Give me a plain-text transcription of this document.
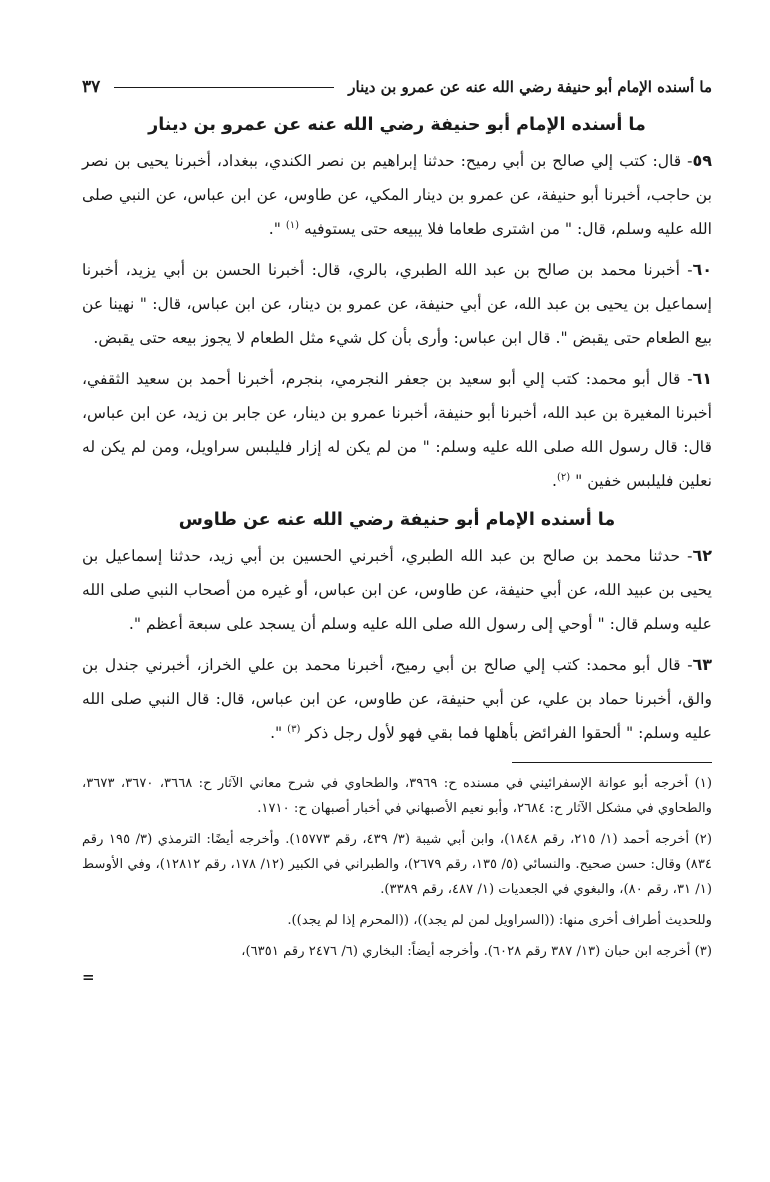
ما أسنده الإمام أبو حنيفة رضي الله عنه عن عمرو بن دينار
٣٧
ما أسنده الإمام أبو حنيفة رضي الله عنه عن عمرو بن دينار

٥٩- قال: كتب إلي صالح بن أبي رميح: حدثنا إبراهيم بن نصر الكندي، ببغداد، أخبرنا يحيى بن نصر بن حاجب، أخبرنا أبو حنيفة، عن عمرو بن دينار المكي، عن طاوس، عن ابن عباس، عن النبي صلى الله عليه وسلم، قال: " من اشترى طعاما فلا يبيعه حتى يستوفيه $^{(١)}$ ".

٦٠- أخبرنا محمد بن صالح بن عبد الله الطبري، بالري، قال: أخبرنا الحسن بن أبي يزيد، أخبرنا إسماعيل بن يحيى بن عبد الله، عن أبي حنيفة، عن عمرو بن دينار، عن ابن عباس، قال: " نهينا عن بيع الطعام حتى يقبض ". قال ابن عباس: وأرى بأن كل شيء مثل الطعام لا يجوز بيعه حتى يقبض.

٦١- قال أبو محمد: كتب إلي أبو سعيد بن جعفر النجرمي، بنجرم، أخبرنا أحمد بن سعيد الثقفي، أخبرنا المغيرة بن عبد الله، أخبرنا أبو حنيفة، أخبرنا عمرو بن دينار، عن جابر بن زيد، عن ابن عباس، قال: قال رسول الله صلى الله عليه وسلم: " من لم يكن له إزار فليلبس سراويل، ومن لم يكن له نعلين فليلبس خفين " $^{(٢)}$.

ما أسنده الإمام أبو حنيفة رضي الله عنه عن طاوس

٦٢- حدثنا محمد بن صالح بن عبد الله الطبري، أخبرني الحسين بن أبي زيد، حدثنا إسماعيل بن يحيى بن عبيد الله، عن أبي حنيفة، عن طاوس، عن ابن عباس، أو غيره من أصحاب النبي صلى الله عليه وسلم قال: " أوحي إلى رسول الله صلى الله عليه وسلم أن يسجد على سبعة أعظم ".

٦٣- قال أبو محمد: كتب إلي صالح بن أبي رميح، أخبرنا محمد بن علي الخراز، أخبرني جندل بن والق، أخبرنا حماد بن علي، عن أبي حنيفة، عن طاوس، عن ابن عباس، قال: قال النبي صلى الله عليه وسلم: " ألحقوا الفرائض بأهلها فما بقي فهو لأول رجل ذكر $^{(٣)}$ ".

(١) أخرجه أبو عوانة الإسفرائيني في مسنده ح: ٣٩٦٩، والطحاوي في شرح معاني الآثار ح: ٣٦٦٨، ٣٦٧٠، ٣٦٧٣، والطحاوي في مشكل الآثار ح: ٢٦٨٤، وأبو نعيم الأصبهاني في أخبار أصبهان ح: ١٧١٠.

(٢) أخرجه أحمد (١/ ٢١٥، رقم ١٨٤٨)، وابن أبي شيبة (٣/ ٤٣٩، رقم ١٥٧٧٣). وأخرجه أيضًا: الترمذي (٣/ ١٩٥ رقم ٨٣٤) وقال: حسن صحيح. والنسائي (٥/ ١٣٥، رقم ٢٦٧٩)، والطبراني في الكبير (١٢/ ١٧٨، رقم ١٢٨١٢)، وفي الأوسط (١/ ٣١، رقم ٨٠)، والبغوي في الجعديات (١/ ٤٨٧، رقم ٣٣٨٩).

وللحديث أطراف أخرى منها: ((السراويل لمن لم يجد))، ((المحرم إذا لم يجد)).

(٣) أخرجه ابن حبان (١٣/ ٣٨٧ رقم ٦٠٢٨). وأخرجه أيضاً: البخاري (٦/ ٢٤٧٦ رقم ٦٣٥١)،

=
